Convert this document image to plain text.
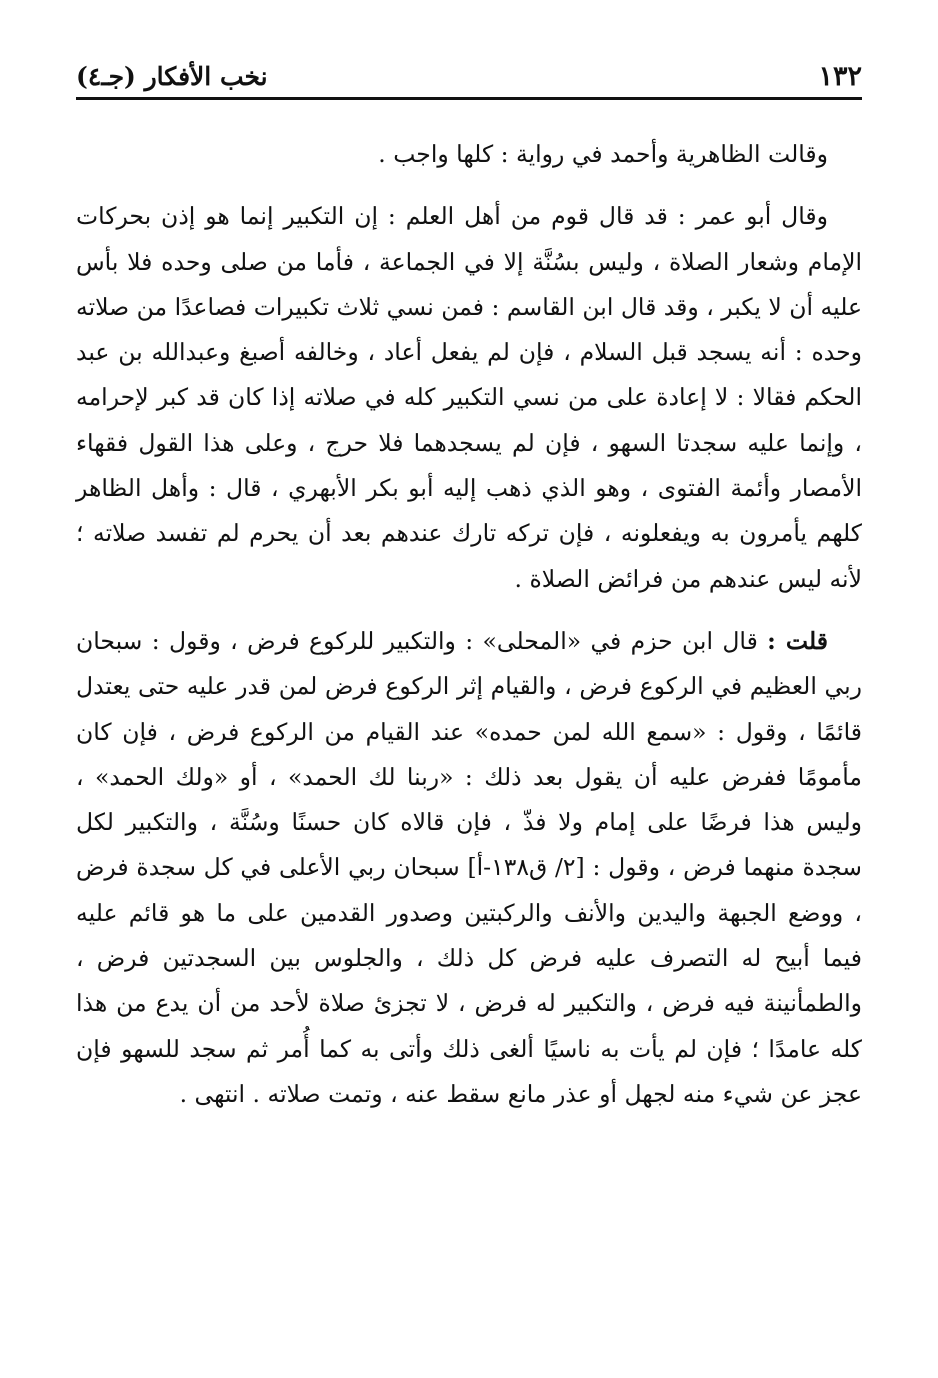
١٣٢
نخب الأفكار (جـ٤)

وقالت الظاهرية وأحمد في رواية : كلها واجب .

وقال أبو عمر : قد قال قوم من أهل العلم : إن التكبير إنما هو إذن بحركات الإمام وشعار الصلاة ، وليس بسُنَّة إلا في الجماعة ، فأما من صلى وحده فلا بأس عليه أن لا يكبر ، وقد قال ابن القاسم : فمن نسي ثلاث تكبيرات فصاعدًا من صلاته وحده : أنه يسجد قبل السلام ، فإن لم يفعل أعاد ، وخالفه أصبغ وعبدالله بن عبد الحكم فقالا : لا إعادة على من نسي التكبير كله في صلاته إذا كان قد كبر لإحرامه ، وإنما عليه سجدتا السهو ، فإن لم يسجدهما فلا حرج ، وعلى هذا القول فقهاء الأمصار وأئمة الفتوى ، وهو الذي ذهب إليه أبو بكر الأبهري ، قال : وأهل الظاهر كلهم يأمرون به ويفعلونه ، فإن تركه تارك عندهم بعد أن يحرم لم تفسد صلاته ؛ لأنه ليس عندهم من فرائض الصلاة .

قلت : قال ابن حزم في «المحلى» : والتكبير للركوع فرض ، وقول : سبحان ربي العظيم في الركوع فرض ، والقيام إثر الركوع فرض لمن قدر عليه حتى يعتدل قائمًا ، وقول : «سمع الله لمن حمده» عند القيام من الركوع فرض ، فإن كان مأمومًا ففرض عليه أن يقول بعد ذلك : «ربنا لك الحمد» ، أو «ولك الحمد» ، وليس هذا فرضًا على إمام ولا فذّ ، فإن قالاه كان حسنًا وسُنَّة ، والتكبير لكل سجدة منهما فرض ، وقول : [٢/ ق١٣٨-أ] سبحان ربي الأعلى في كل سجدة فرض ، ووضع الجبهة واليدين والأنف والركبتين وصدور القدمين على ما هو قائم عليه فيما أبيح له التصرف عليه فرض كل ذلك ، والجلوس بين السجدتين فرض ، والطمأنينة فيه فرض ، والتكبير له فرض ، لا تجزئ صلاة لأحد من أن يدع من هذا كله عامدًا ؛ فإن لم يأت به ناسيًا ألغى ذلك وأتى به كما أُمر ثم سجد للسهو فإن عجز عن شيء منه لجهل أو عذر مانع سقط عنه ، وتمت صلاته . انتهى .
